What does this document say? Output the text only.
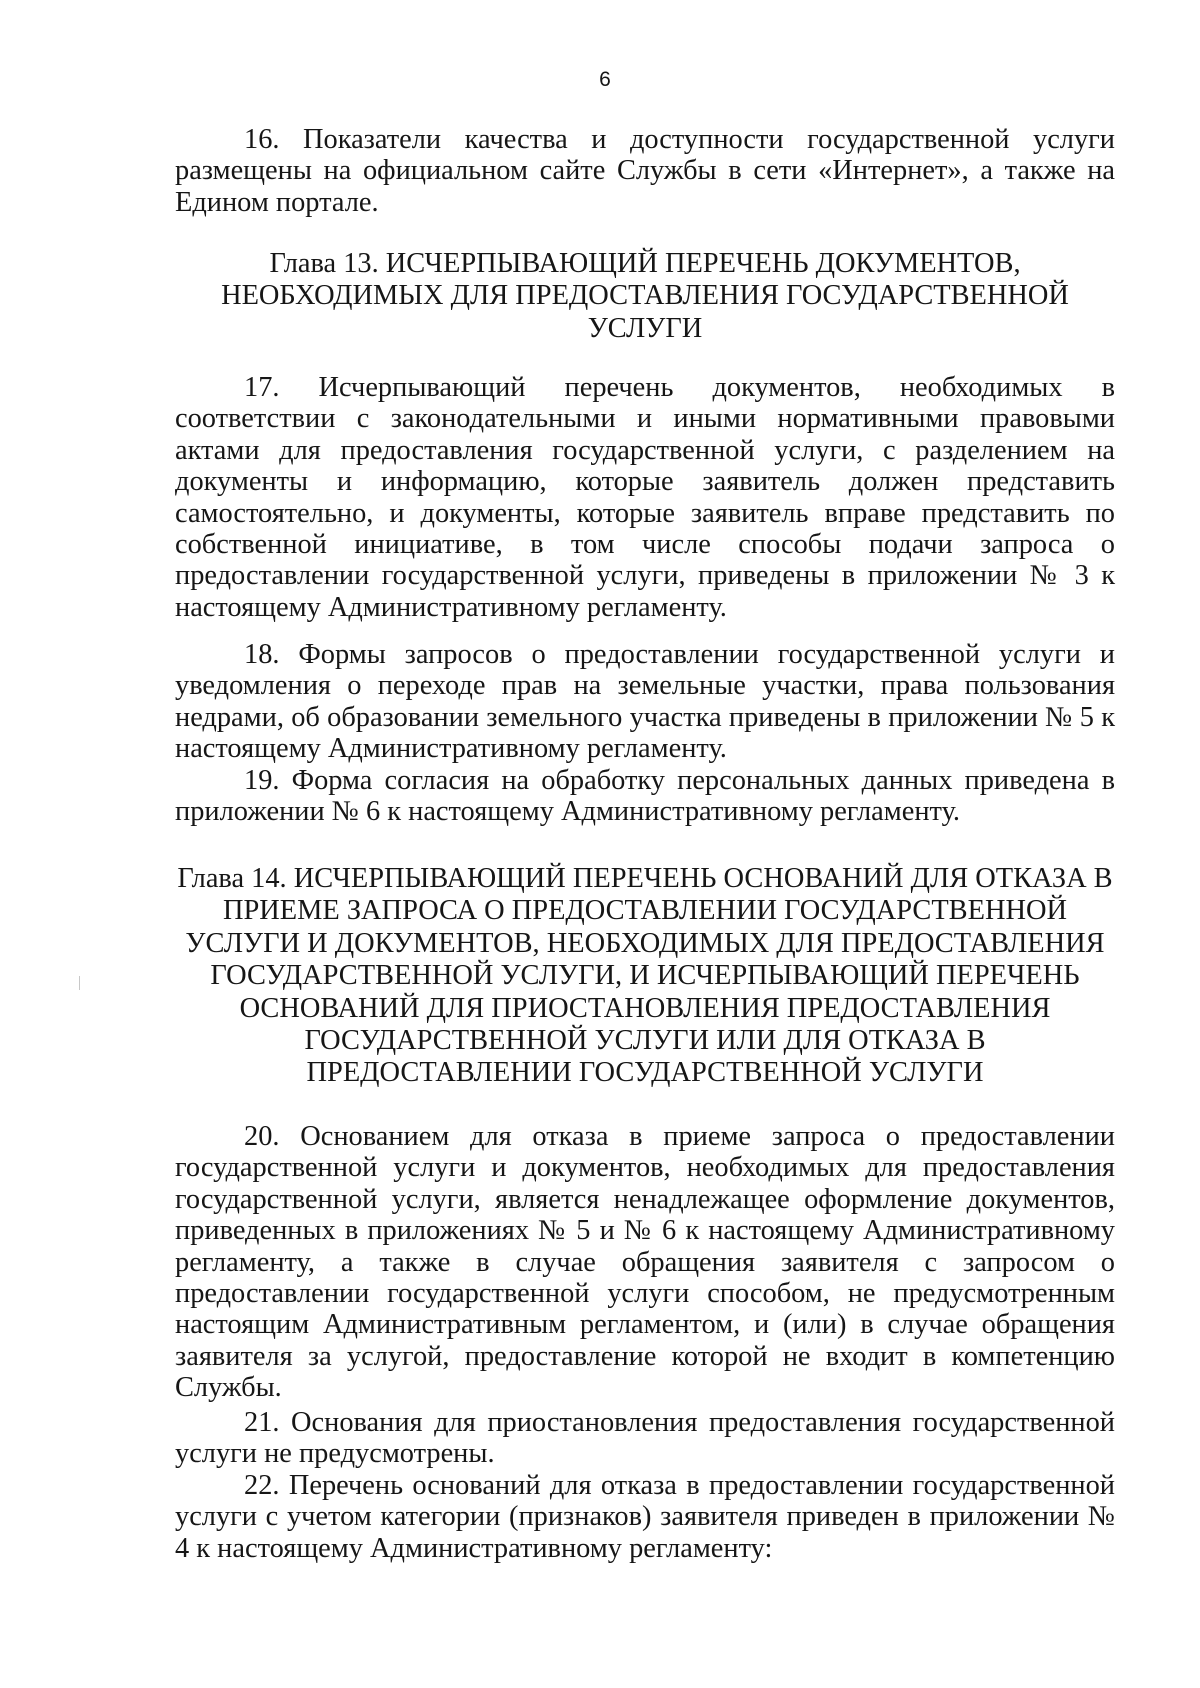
6

16. Показатели качества и доступности государственной услуги размещены на официальном сайте Службы в сети «Интернет», а также на Едином портале.

Глава 13. ИСЧЕРПЫВАЮЩИЙ ПЕРЕЧЕНЬ ДОКУМЕНТОВ, НЕОБХОДИМЫХ ДЛЯ ПРЕДОСТАВЛЕНИЯ ГОСУДАРСТВЕННОЙ УСЛУГИ

17. Исчерпывающий перечень документов, необходимых в соответствии с законодательными и иными нормативными правовыми актами для предоставления государственной услуги, с разделением на документы и информацию, которые заявитель должен представить самостоятельно, и документы, которые заявитель вправе представить по собственной инициативе, в том числе способы подачи запроса о предоставлении государственной услуги, приведены в приложении № 3 к настоящему Административному регламенту.

18. Формы запросов о предоставлении государственной услуги и уведомления о переходе прав на земельные участки, права пользования недрами, об образовании земельного участка приведены в приложении № 5 к настоящему Административному регламенту.

19. Форма согласия на обработку персональных данных приведена в приложении № 6 к настоящему Административному регламенту.

Глава 14. ИСЧЕРПЫВАЮЩИЙ ПЕРЕЧЕНЬ ОСНОВАНИЙ ДЛЯ ОТКАЗА В ПРИЕМЕ ЗАПРОСА О ПРЕДОСТАВЛЕНИИ ГОСУДАРСТВЕННОЙ УСЛУГИ И ДОКУМЕНТОВ, НЕОБХОДИМЫХ ДЛЯ ПРЕДОСТАВЛЕНИЯ ГОСУДАРСТВЕННОЙ УСЛУГИ, И ИСЧЕРПЫВАЮЩИЙ ПЕРЕЧЕНЬ ОСНОВАНИЙ ДЛЯ ПРИОСТАНОВЛЕНИЯ ПРЕДОСТАВЛЕНИЯ ГОСУДАРСТВЕННОЙ УСЛУГИ ИЛИ ДЛЯ ОТКАЗА В ПРЕДОСТАВЛЕНИИ ГОСУДАРСТВЕННОЙ УСЛУГИ

20. Основанием для отказа в приеме запроса о предоставлении государственной услуги и документов, необходимых для предоставления государственной услуги, является ненадлежащее оформление документов, приведенных в приложениях № 5 и № 6 к настоящему Административному регламенту, а также в случае обращения заявителя с запросом о предоставлении государственной услуги способом, не предусмотренным настоящим Административным регламентом, и (или) в случае обращения заявителя за услугой, предоставление которой не входит в компетенцию Службы.

21. Основания для приостановления предоставления государственной услуги не предусмотрены.

22. Перечень оснований для отказа в предоставлении государственной услуги с учетом категории (признаков) заявителя приведен в приложении № 4 к настоящему Административному регламенту:
